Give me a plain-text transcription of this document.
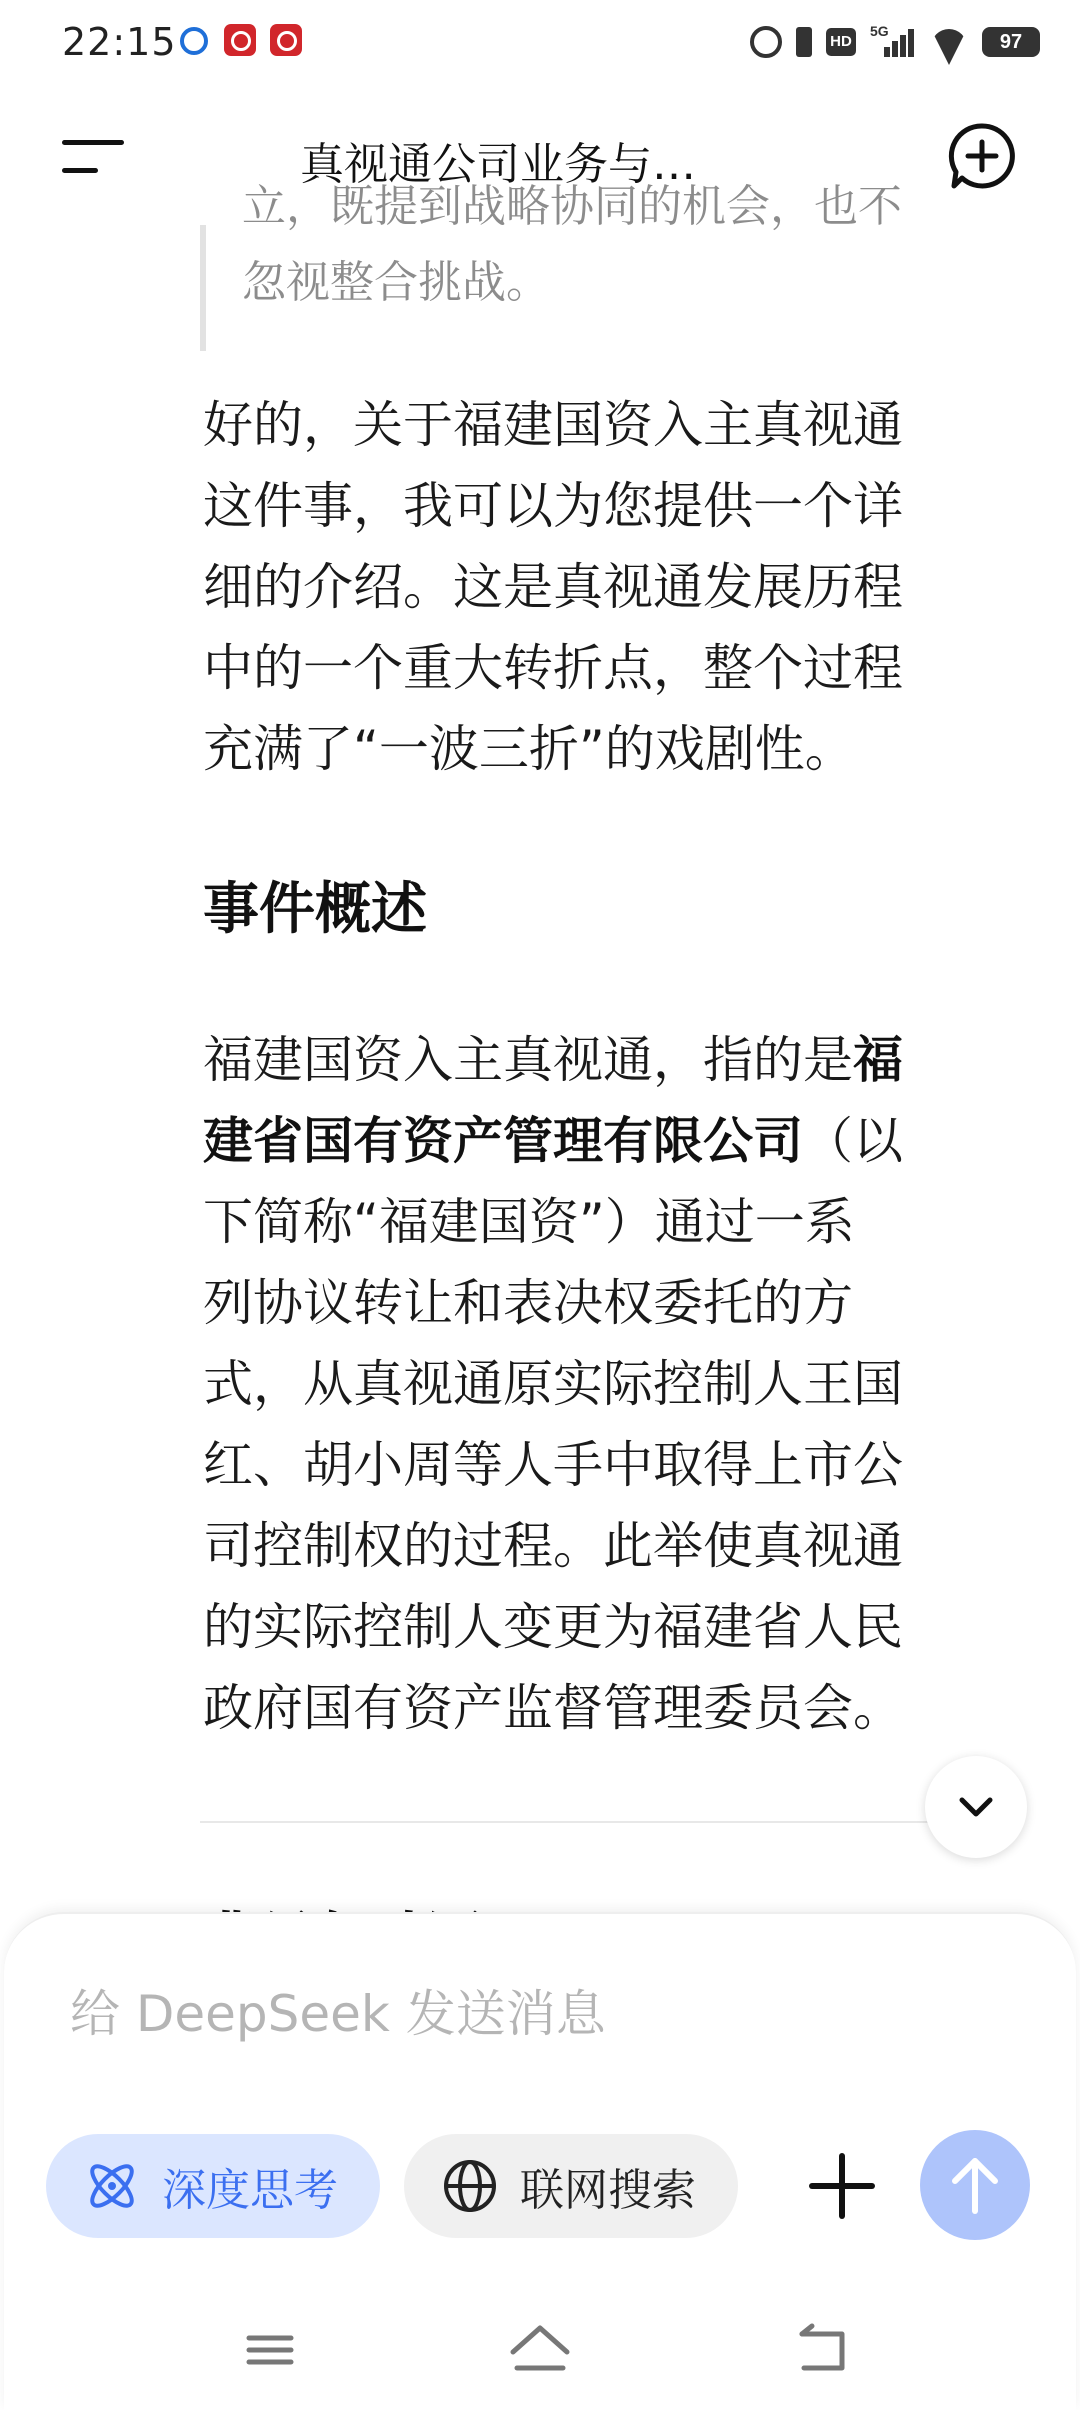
22:15	HD
5G	97
真视通公司业务与…
立，既提到战略协同的机会，也不
忽视整合挑战。
好的，关于福建国资入主真视通
这件事，我可以为您提供一个详
细的介绍。这是真视通发展历程
中的一个重大转折点，整个过程
充满了“一波三折”的戏剧性。
事件概述
福建国资入主真视通，指的是福
建省国有资产管理有限公司（以
下简称“福建国资”）通过一系
列协议转让和表决权委托的方
式，从真视通原实际控制人王国
红、胡小周等人手中取得上市公
司控制权的过程。此举使真视通
的实际控制人变更为福建省人民
政府国有资产监督管理委员会。
给 DeepSeek 发送消息
深度思考	联网搜索
